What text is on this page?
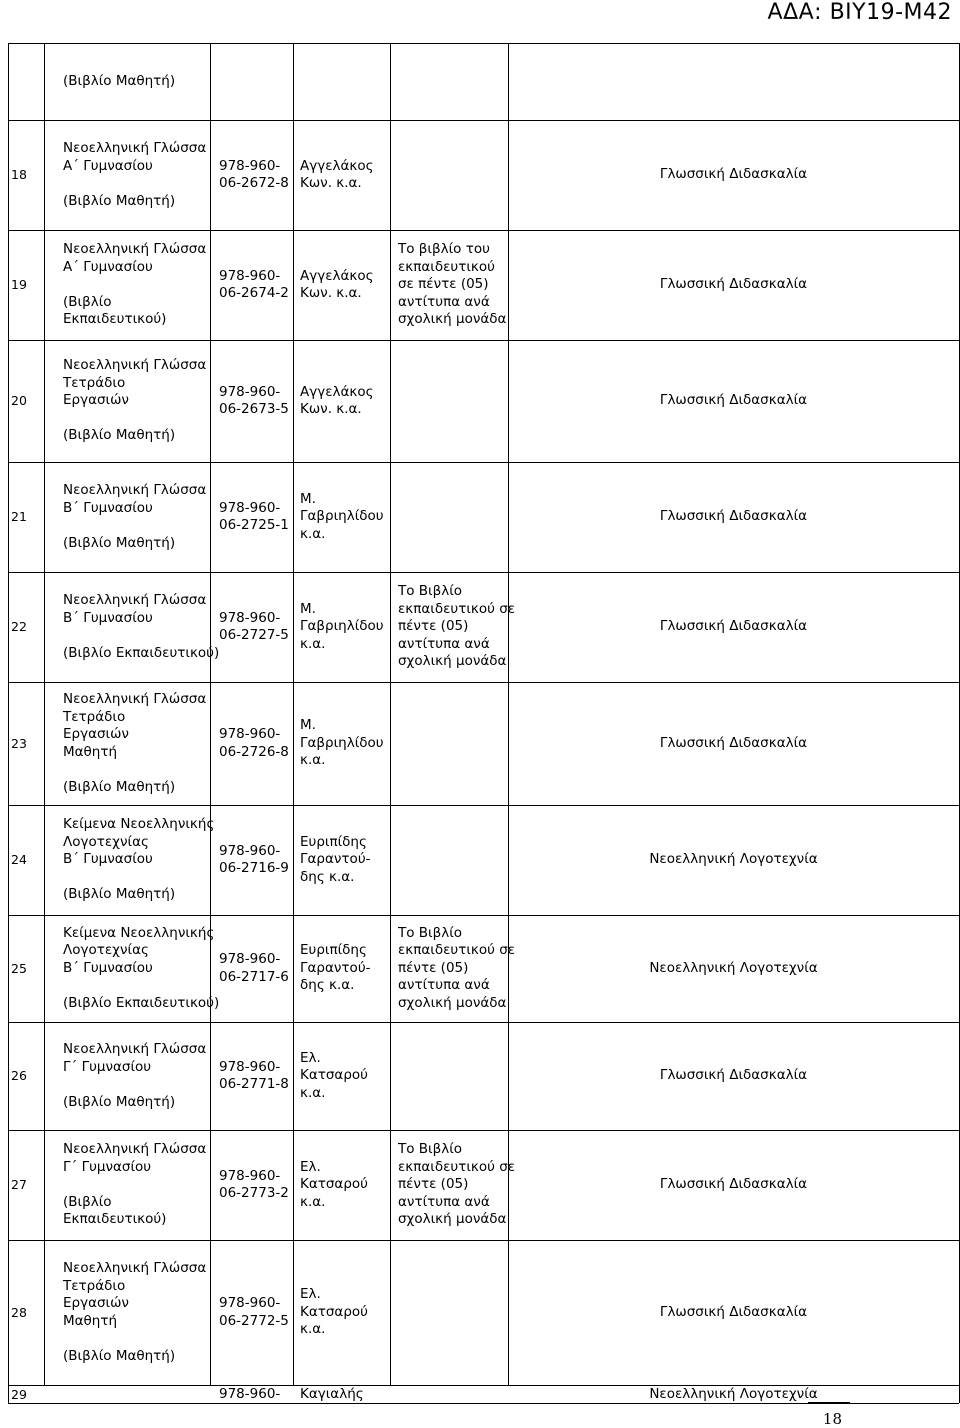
ΑΔΑ: ΒΙΥ19-Μ42
(Βιβλίο Μαθητή)
18
Νεοελληνική Γλώσσα
Α΄ Γυμνασίου
(Βιβλίο Μαθητή)
978-960-
06-2672-8
Αγγελάκος
Κων. κ.α.
Γλωσσική Διδασκαλία
19
Νεοελληνική Γλώσσα
Α΄ Γυμνασίου
(Βιβλίο
Εκπαιδευτικού)
978-960-
06-2674-2
Αγγελάκος
Κων. κ.α.
Το βιβλίο του
εκπαιδευτικού
σε πέντε (05)
αντίτυπα ανά
σχολική μονάδα
Γλωσσική Διδασκαλία
20
Νεοελληνική Γλώσσα
Τετράδιο
Εργασιών
(Βιβλίο Μαθητή)
978-960-
06-2673-5
Αγγελάκος
Κων. κ.α.
Γλωσσική Διδασκαλία
21
Νεοελληνική Γλώσσα
Β΄ Γυμνασίου
(Βιβλίο Μαθητή)
978-960-
06-2725-1
Μ.
Γαβριηλίδου
κ.α.
Γλωσσική Διδασκαλία
22
Νεοελληνική Γλώσσα
Β΄ Γυμνασίου
(Βιβλίο Εκπαιδευτικού)
978-960-
06-2727-5
Μ.
Γαβριηλίδου
κ.α.
Το Βιβλίο
εκπαιδευτικού σε
πέντε (05)
αντίτυπα ανά
σχολική μονάδα
Γλωσσική Διδασκαλία
23
Νεοελληνική Γλώσσα
Τετράδιο
Εργασιών
Μαθητή
(Βιβλίο Μαθητή)
978-960-
06-2726-8
Μ.
Γαβριηλίδου
κ.α.
Γλωσσική Διδασκαλία
24
Κείμενα Νεοελληνικής
Λογοτεχνίας
Β΄ Γυμνασίου
(Βιβλίο Μαθητή)
978-960-
06-2716-9
Ευριπίδης
Γαραντού-
δης κ.α.
Νεοελληνική Λογοτεχνία
25
Κείμενα Νεοελληνικής
Λογοτεχνίας
Β΄ Γυμνασίου
(Βιβλίο Εκπαιδευτικού)
978-960-
06-2717-6
Ευριπίδης
Γαραντού-
δης κ.α.
Το Βιβλίο
εκπαιδευτικού σε
πέντε (05)
αντίτυπα ανά
σχολική μονάδα
Νεοελληνική Λογοτεχνία
26
Νεοελληνική Γλώσσα
Γ΄ Γυμνασίου
(Βιβλίο Μαθητή)
978-960-
06-2771-8
Ελ.
Κατσαρού
κ.α.
Γλωσσική Διδασκαλία
27
Νεοελληνική Γλώσσα
Γ΄ Γυμνασίου
(Βιβλίο
Εκπαιδευτικού)
978-960-
06-2773-2
Ελ.
Κατσαρού
κ.α.
Το Βιβλίο
εκπαιδευτικού σε
πέντε (05)
αντίτυπα ανά
σχολική μονάδα
Γλωσσική Διδασκαλία
28
Νεοελληνική Γλώσσα
Τετράδιο
Εργασιών
Μαθητή
(Βιβλίο Μαθητή)
978-960-
06-2772-5
Ελ.
Κατσαρού
κ.α.
Γλωσσική Διδασκαλία
29	978-960- Καγιαλής	Νεοελληνική Λογοτεχνία
18
